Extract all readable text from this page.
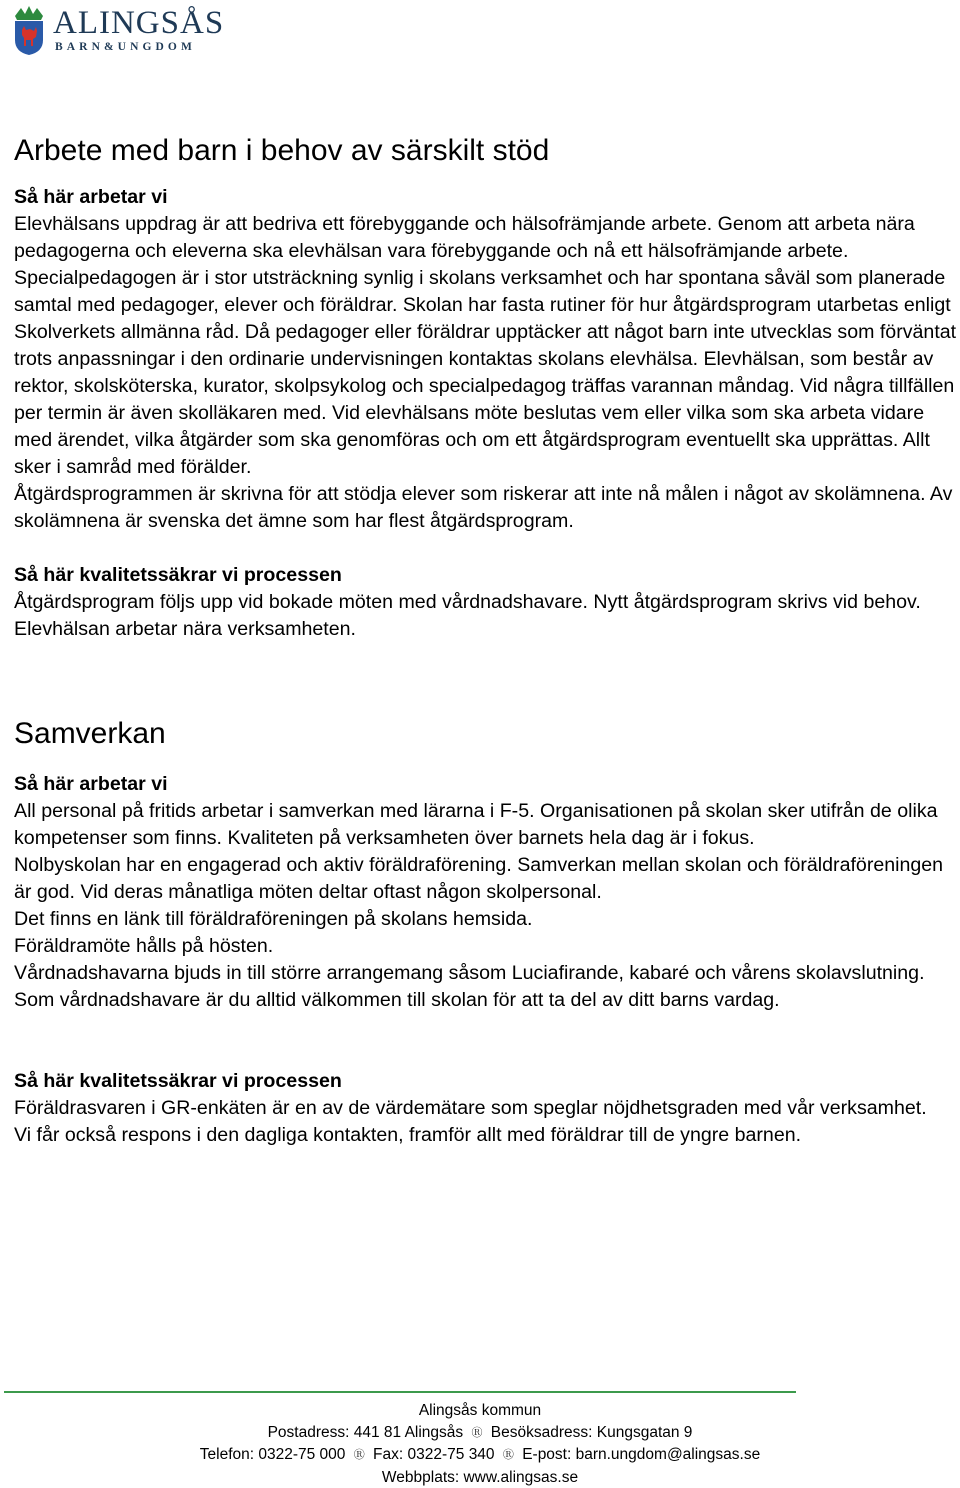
ALINGSÅS
BARN&UNGDOM
Arbete med barn i behov av särskilt stöd
Så här arbetar vi

Elevhälsans uppdrag är att bedriva ett förebyggande och hälsofrämjande arbete. Genom att arbeta nära pedagogerna och eleverna ska elevhälsan vara förebyggande och nå ett hälsofrämjande arbete. Specialpedagogen är i stor utsträckning synlig i skolans verksamhet och har spontana såväl som planerade samtal med pedagoger, elever och föräldrar. Skolan har fasta rutiner för hur åtgärdsprogram utarbetas enligt Skolverkets allmänna råd. Då pedagoger eller föräldrar upptäcker att något barn inte utvecklas som förväntat trots anpassningar i den ordinarie undervisningen kontaktas skolans elevhälsa. Elevhälsan, som består av rektor, skolsköterska, kurator, skolpsykolog och specialpedagog träffas varannan måndag. Vid några tillfällen per termin är även skolläkaren med. Vid elevhälsans möte beslutas vem eller vilka som ska arbeta vidare med ärendet, vilka åtgärder som ska genomföras och om ett åtgärdsprogram eventuellt ska upprättas. Allt sker i samråd med förälder.

Åtgärdsprogrammen är skrivna för att stödja elever som riskerar att inte nå målen i något av skolämnena. Av skolämnena är svenska det ämne som har flest åtgärdsprogram.

Så här kvalitetssäkrar vi processen

Åtgärdsprogram följs upp vid bokade möten med vårdnadshavare. Nytt åtgärdsprogram skrivs vid behov.

Elevhälsan arbetar nära verksamheten.

Samverkan
Så här arbetar vi

All personal på fritids arbetar i samverkan med lärarna i F-5. Organisationen på skolan sker utifrån de olika kompetenser som finns. Kvaliteten på verksamheten över barnets hela dag är i fokus.

Nolbyskolan har en engagerad och aktiv föräldraförening. Samverkan mellan skolan och föräldraföreningen är god. Vid deras månatliga möten deltar oftast någon skolpersonal.

Det finns en länk till föräldraföreningen på skolans hemsida.

Föräldramöte hålls på hösten.

Vårdnadshavarna bjuds in till större arrangemang såsom Luciafirande, kabaré och vårens skolavslutning. Som vårdnadshavare är du alltid välkommen till skolan för att ta del av ditt barns vardag.

Så här kvalitetssäkrar vi processen

Föräldrasvaren i GR-enkäten är en av de värdemätare som speglar nöjdhetsgraden med vår verksamhet.

Vi får också respons i den dagliga kontakten, framför allt med föräldrar till de yngre barnen.

Alingsås kommun
Postadress: 441 81 Alingsås Ⓡ Besöksadress: Kungsgatan 9
Telefon: 0322-75 000 Ⓡ Fax: 0322-75 340 Ⓡ E-post: barn.ungdom@alingsas.se
Webbplats: www.alingsas.se
